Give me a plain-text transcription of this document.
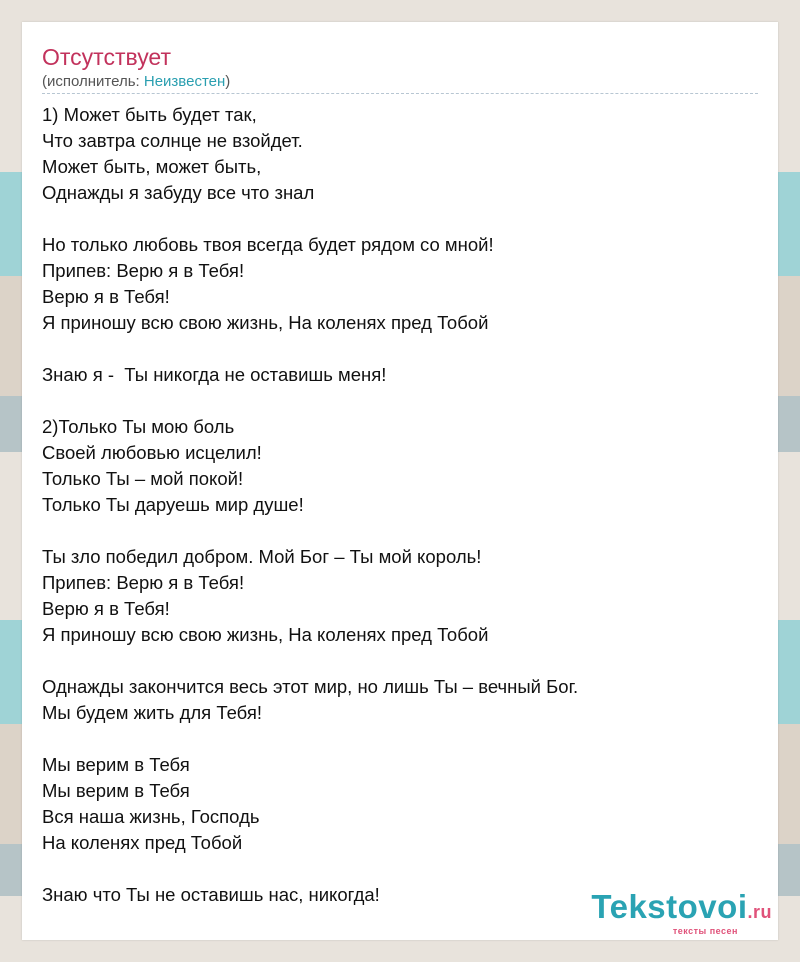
Отсутствует
(исполнитель: Неизвестен)
1) Может быть будет так,
Что завтра солнце не взойдет.
Может быть, может быть,
Однажды я забуду все что знал
Но только любовь твоя всегда будет рядом со мной!
Припев: Верю я в Тебя!
Верю я в Тебя!
Я приношу всю свою жизнь, На коленях пред Тобой
Знаю я -  Ты никогда не оставишь меня!
2)Только Ты мою боль
Своей любовью исцелил!
Только Ты – мой покой!
Только Ты даруешь мир душе!
Ты зло победил добром. Мой Бог – Ты мой король!
Припев: Верю я в Тебя!
Верю я в Тебя!
Я приношу всю свою жизнь, На коленях пред Тобой
Однажды закончится весь этот мир, но лишь Ты – вечный Бог.
Мы будем жить для Тебя!
Мы верим в Тебя
Мы верим в Тебя
Вся наша жизнь, Господь
На коленях пред Тобой
Знаю что Ты не оставишь нас, никогда!	Tekstovoi.ru
тексты песен
